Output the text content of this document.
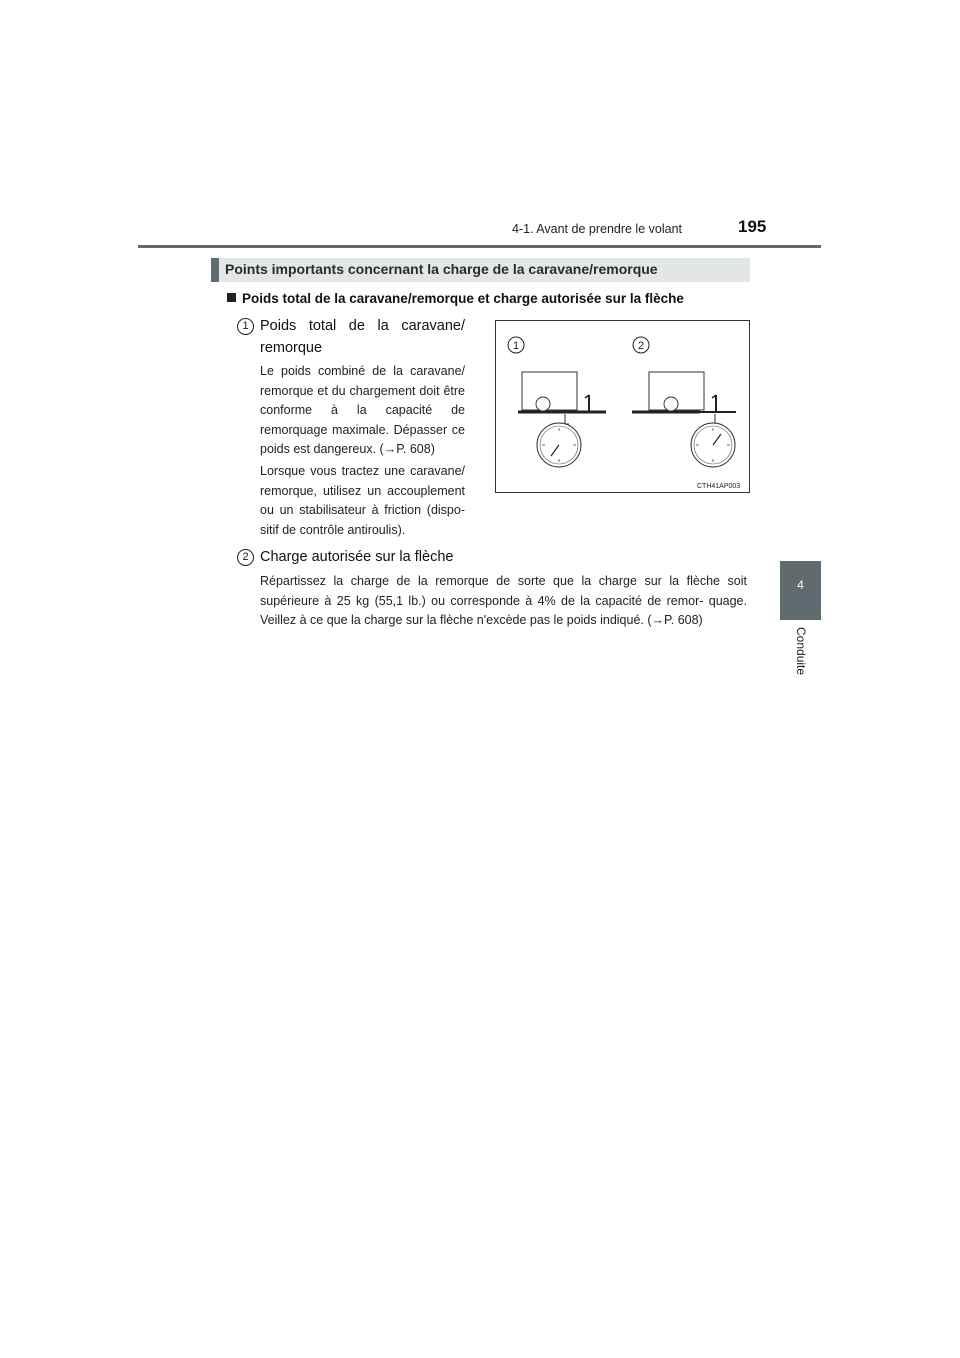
4-1. Avant de prendre le volant	195
4
Conduite
Points importants concernant la charge de la caravane/remorque
Poids total de la caravane/remorque et charge autorisée sur la flèche
1 Poids total de la caravane/ remorque
Le poids combiné de la caravane/ remorque et du chargement doit être conforme à la capacité de remorquage maximale. Dépasser ce poids est dangereux. (→P. 608)
Lorsque vous tractez une caravane/ remorque, utilisez un accouplement ou un stabilisateur à friction (dispo- sitif de contrôle antiroulis).
1	2
CTH41AP003
2 Charge autorisée sur la flèche
Répartissez la charge de la remorque de sorte que la charge sur la flèche soit supérieure à 25 kg (55,1 lb.) ou corresponde à 4% de la capacité de remor- quage. Veillez à ce que la charge sur la flèche n'excède pas le poids indiqué. (→P. 608)
